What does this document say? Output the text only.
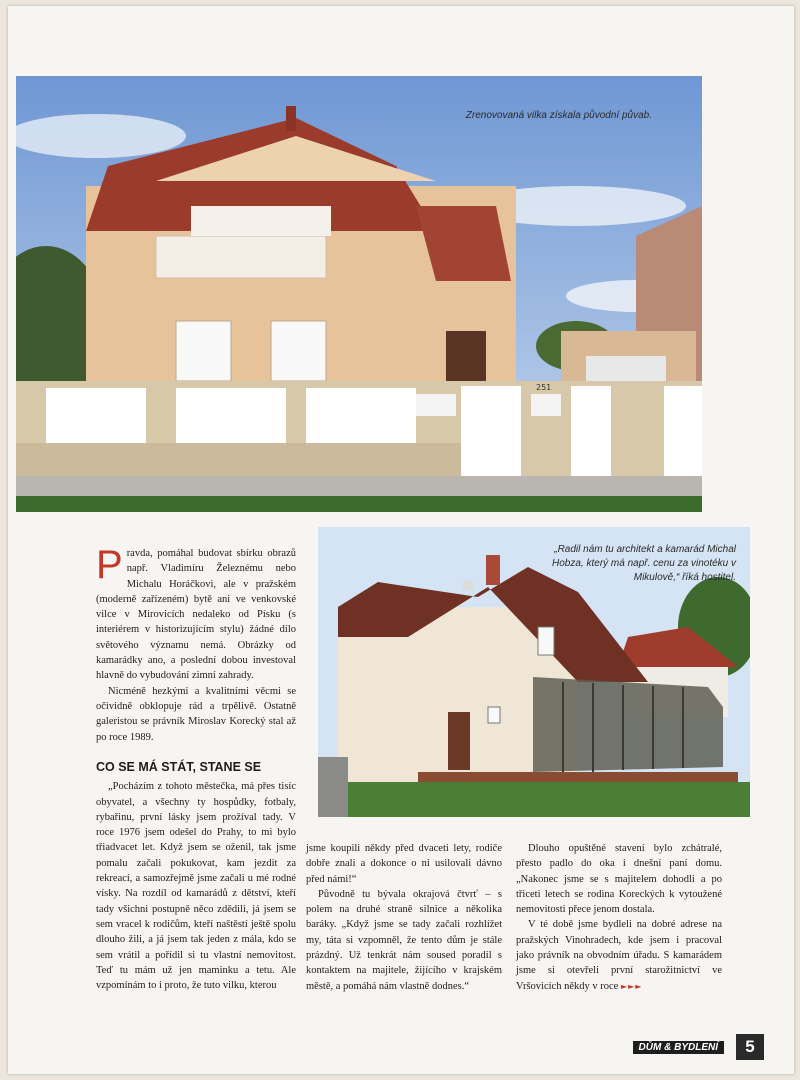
251
Zrenovovaná vilka získala původní půvab.
„Radil nám tu architekt a kamarád Michal Hobza, který má např. cenu za vinotéku v Mikulově,“ říká hostitel.

Pravda, pomáhal budovat sbírku obrazů např. Vladimíru Železnému nebo Michalu Horáčkovi, ale v pražském (moderně zařízeném) bytě ani ve venkovské vilce v Mirovicích nedaleko od Písku (s interiérem v historizujícím stylu) žádné dílo světového významu nemá. Obrázky od kamarádky ano, a poslední dobou investoval hlavně do vybudování zimní zahrady.

Nicméně hezkými a kvalitními věcmi se očividně obklopuje rád a trpělivě. Ostatně galeristou se právník Miroslav Korecký stal až po roce 1989.

CO SE MÁ STÁT, STANE SE

„Pocházím z tohoto městečka, má přes tisíc obyvatel, a všechny ty hospůdky, fotbaly, rybařinu, první lásky jsem prožíval tady. V roce 1976 jsem odešel do Prahy, to mi bylo třiadvacet let. Když jsem se oženil, tak jsme pomalu začali pokukovat, kam jezdit za rekreací, a samozřejmě jsme začali u mé rodné vísky. Na rozdíl od kamarádů z dětství, kteří tady všichni postupně něco zdědili, já jsem se sem vracel k rodičům, kteří naštěstí ještě spolu dlouho žili, a já jsem tak jeden z mála, kdo se sem vrátil a pořídil si tu vlastní nemovitost. Teď tu mám už jen maminku a tetu. Ale vzpomínám to i proto, že tuto vilku, kterou

jsme koupili někdy před dvaceti lety, rodiče dobře znali a dokonce o ni usilovali dávno před námi!“

Původně tu bývala okrajová čtvrť – s polem na druhé straně silnice a několika baráky. „Když jsme se tady začali rozhlížet my, táta si vzpomněl, že tento dům je stále prázdný. Už tenkrát nám soused poradil s kontaktem na majitele, žijícího v krajském městě, a pomáhá nám vlastně dodnes.“

Dlouho opuštěné stavení bylo zchátralé, přesto padlo do oka i dnešní paní domu. „Nakonec jsme se s majitelem dohodli a po třiceti letech se rodina Koreckých k vytoužené nemovitosti přece jenom dostala.

V té době jsme bydleli na dobré adrese na pražských Vinohradech, kde jsem i pracoval jako právník na obvodním úřadu. S kamarádem jsme si otevřeli první starožitnictví ve Vršovicích někdy v roce ►►►

DŮM & BYDLENÍ	5
